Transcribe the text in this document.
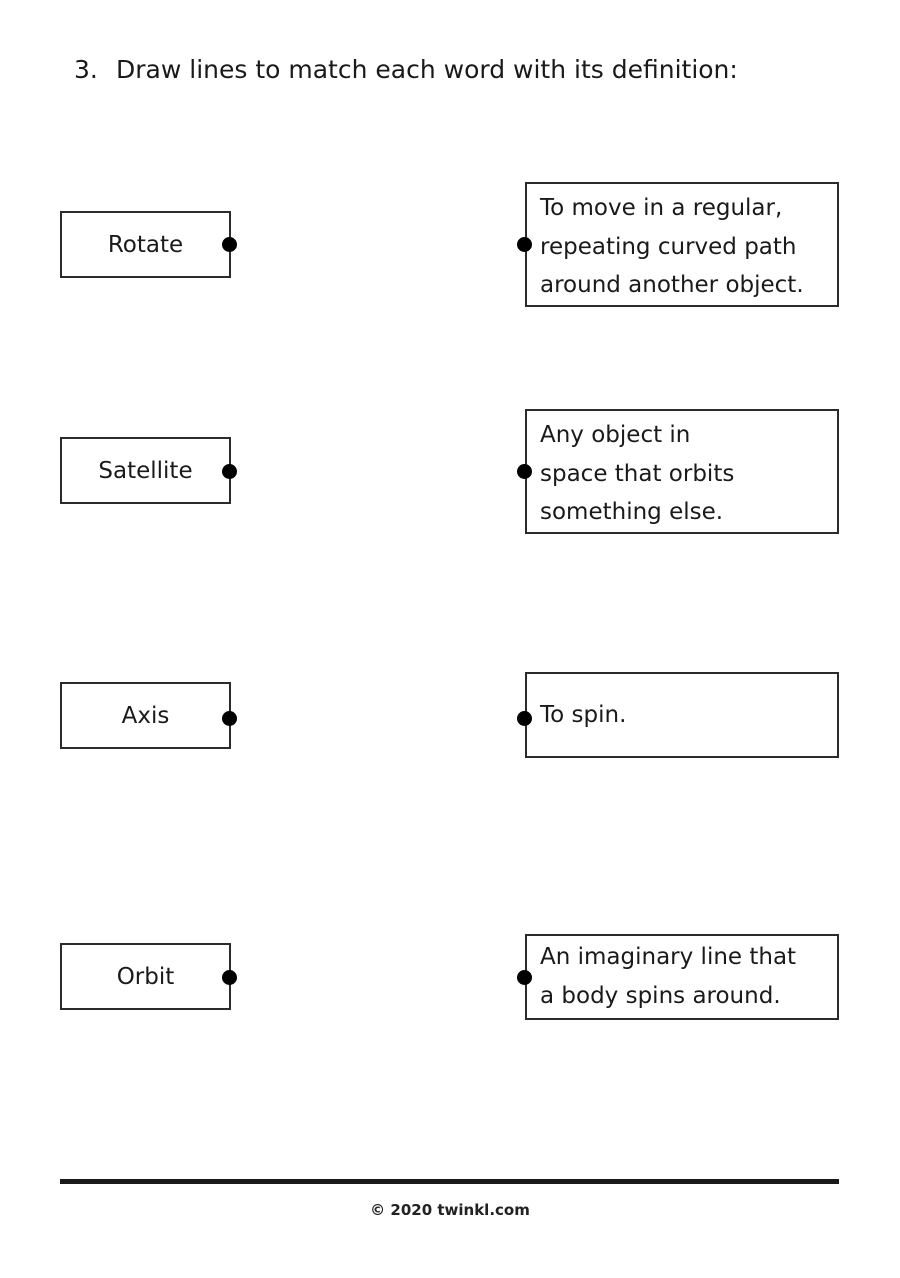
3. Draw lines to match each word with its definition:
Rotate
Satellite
Axis
Orbit
To move in a regular,
repeating curved path
around another object.
Any object in
space that orbits
something else.
To spin.
An imaginary line that
a body spins around.
© 2020 twinkl.com
